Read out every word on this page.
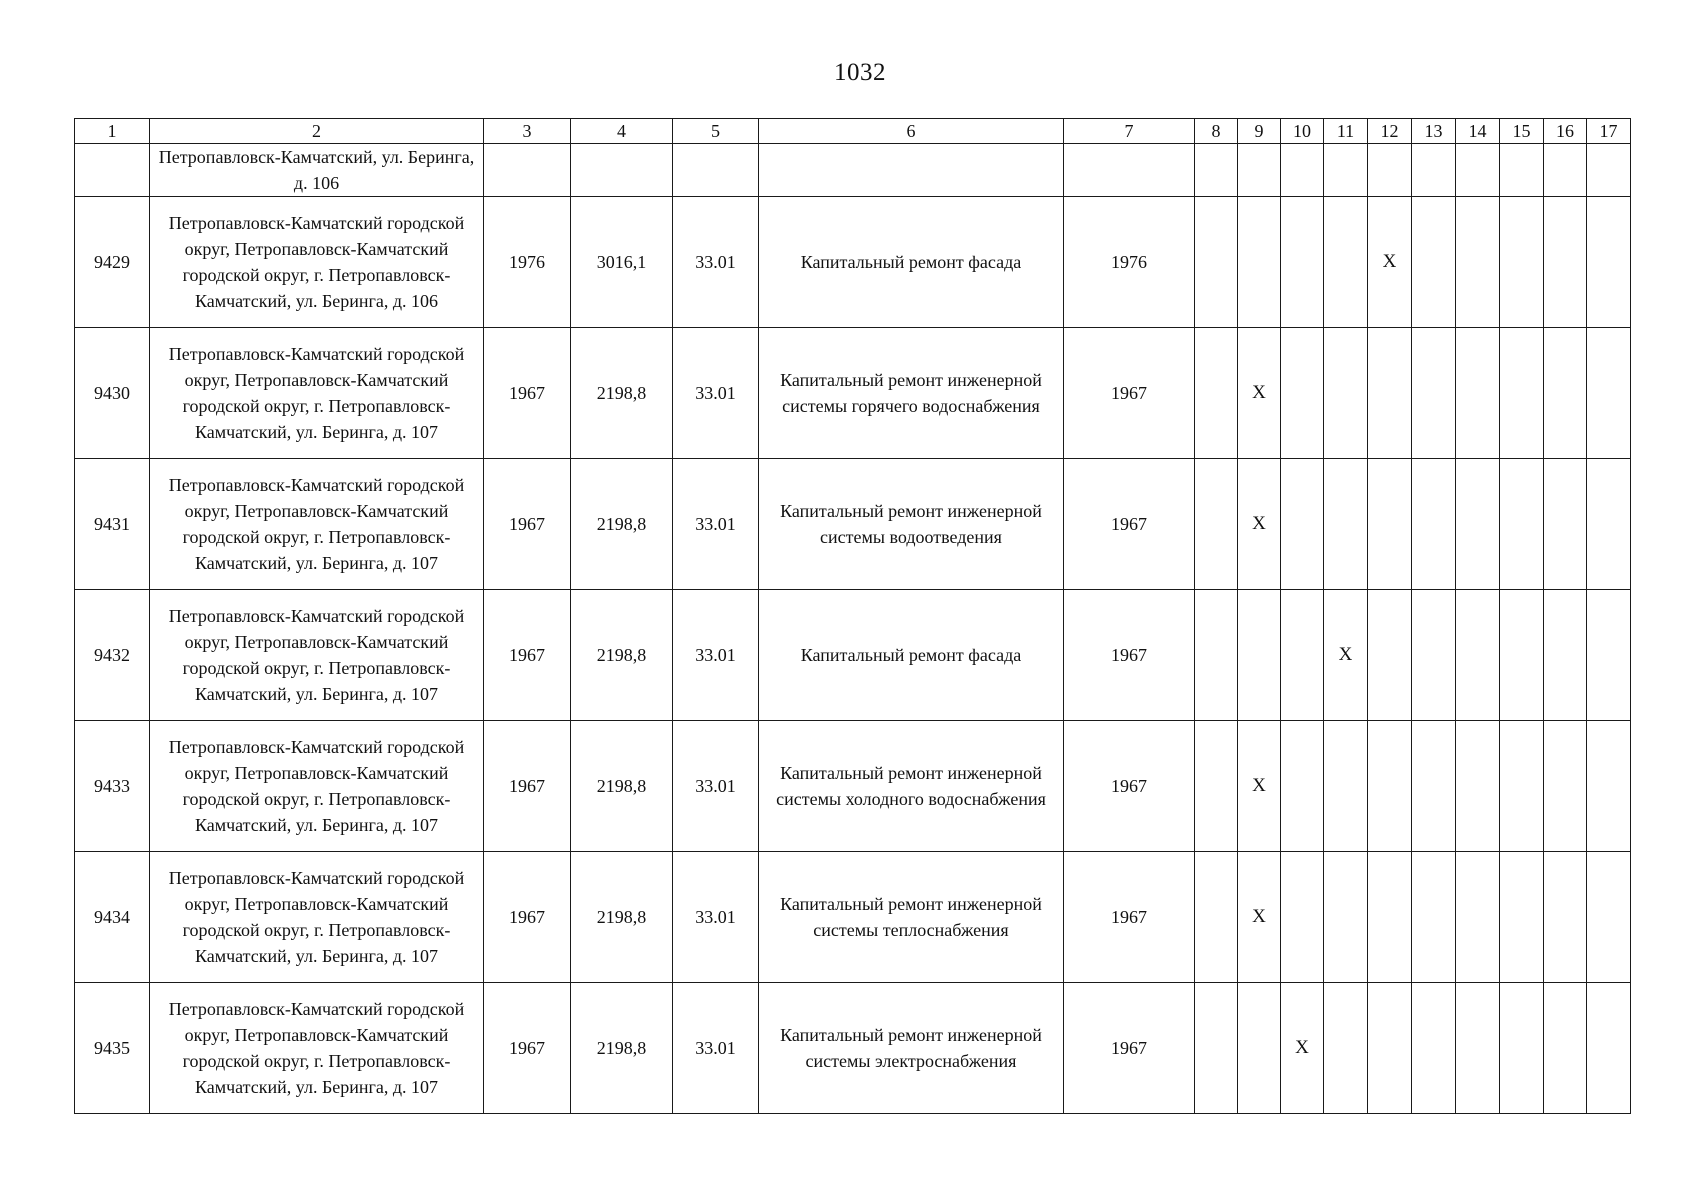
1032
1	2	3	4	5	6	7	8	9	10	11	12	13	14	15	16	17	
	Петропавловск-Камчатский, ул. Беринга, д. 106																
9429	Петропавловск-Камчатский городской округ, Петропавловск-Камчатский городской округ, г. Петропавловск-Камчатский, ул. Беринга, д. 106	1976	3016,1	33.01	Капитальный ремонт фасада	1976					X						
9430	Петропавловск-Камчатский городской округ, Петропавловск-Камчатский городской округ, г. Петропавловск-Камчатский, ул. Беринга, д. 107	1967	2198,8	33.01	Капитальный ремонт инженерной системы горячего водоснабжения	1967		X									
9431	Петропавловск-Камчатский городской округ, Петропавловск-Камчатский городской округ, г. Петропавловск-Камчатский, ул. Беринга, д. 107	1967	2198,8	33.01	Капитальный ремонт инженерной системы водоотведения	1967		X									
9432	Петропавловск-Камчатский городской округ, Петропавловск-Камчатский городской округ, г. Петропавловск-Камчатский, ул. Беринга, д. 107	1967	2198,8	33.01	Капитальный ремонт фасада	1967				X							
9433	Петропавловск-Камчатский городской округ, Петропавловск-Камчатский городской округ, г. Петропавловск-Камчатский, ул. Беринга, д. 107	1967	2198,8	33.01	Капитальный ремонт инженерной системы холодного водоснабжения	1967		X									
9434	Петропавловск-Камчатский городской округ, Петропавловск-Камчатский городской округ, г. Петропавловск-Камчатский, ул. Беринга, д. 107	1967	2198,8	33.01	Капитальный ремонт инженерной системы теплоснабжения	1967		X									
9435	Петропавловск-Камчатский городской округ, Петропавловск-Камчатский городской округ, г. Петропавловск-Камчатский, ул. Беринга, д. 107	1967	2198,8	33.01	Капитальный ремонт инженерной системы электроснабжения	1967			X								
